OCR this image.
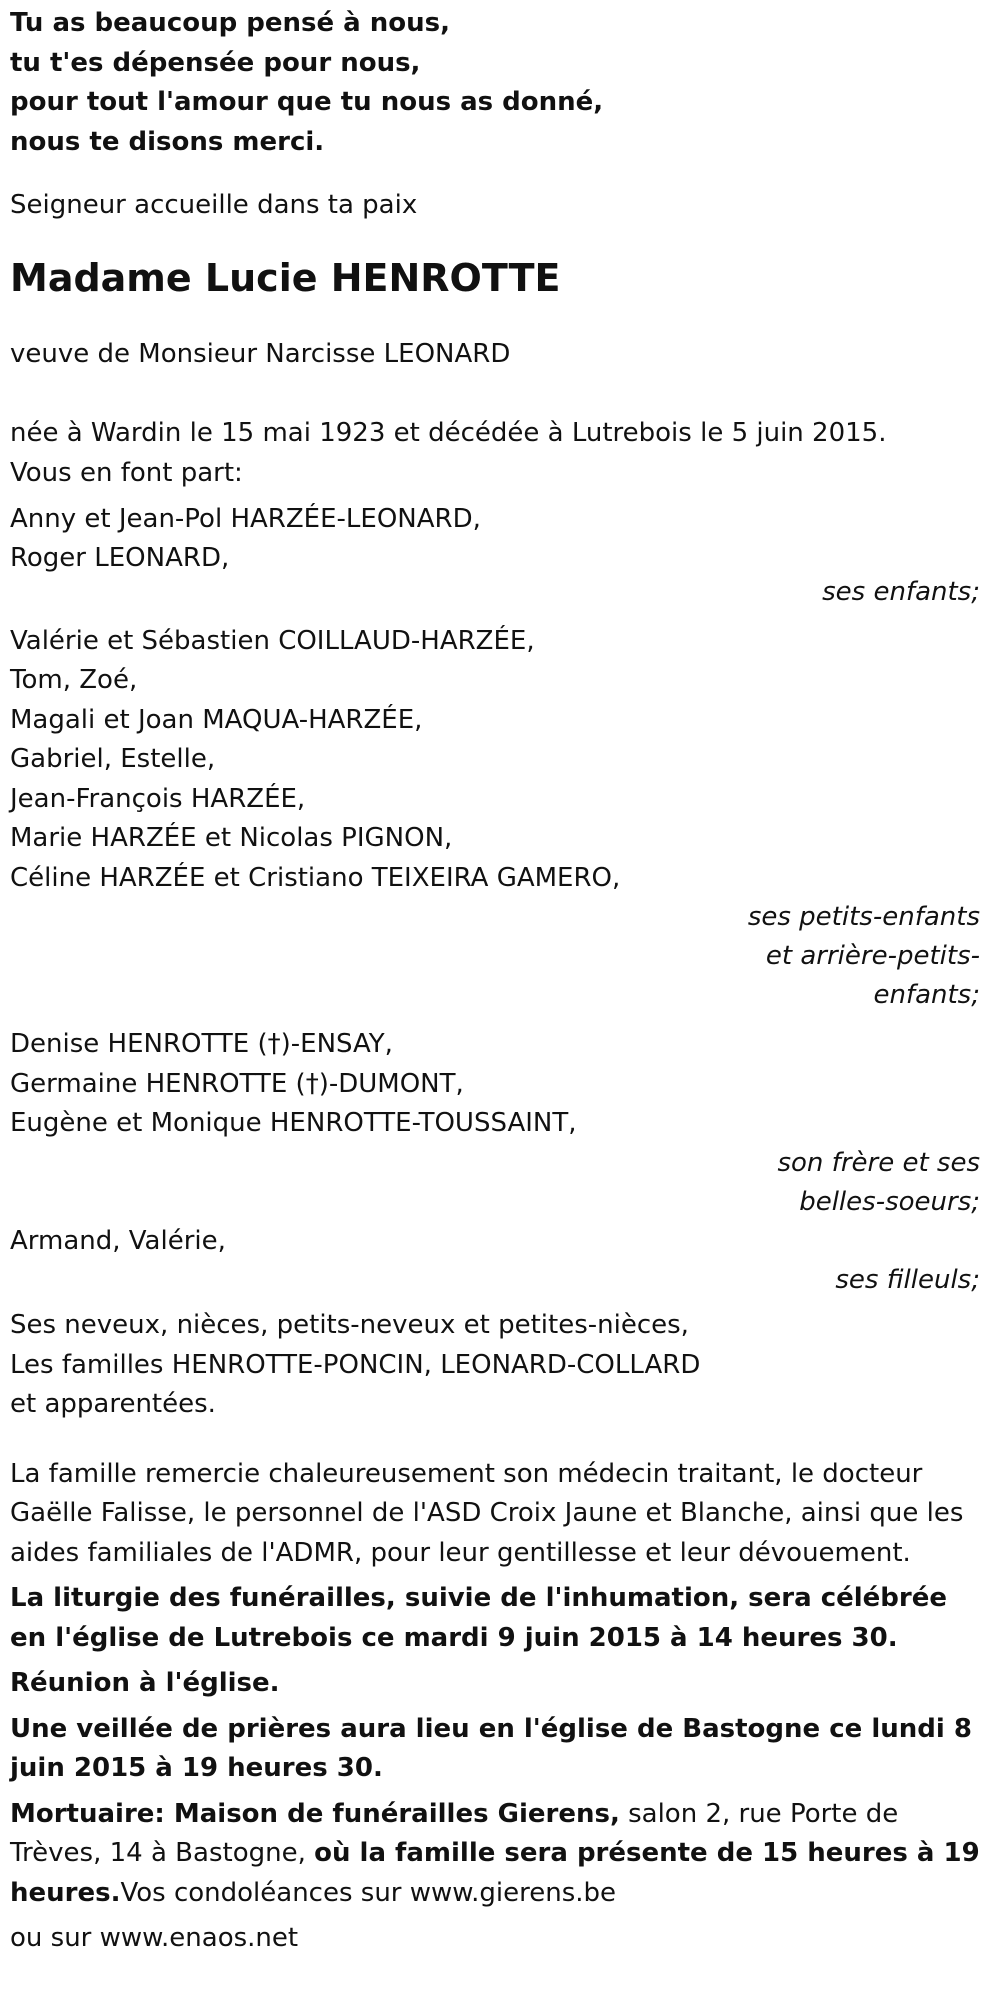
Tu as beaucoup pensé à nous,
tu t'es dépensée pour nous,
pour tout l'amour que tu nous as donné,
nous te disons merci.
Seigneur accueille dans ta paix
Madame Lucie HENROTTE
veuve de Monsieur Narcisse LEONARD
née à Wardin le 15 mai 1923 et décédée à Lutrebois le 5 juin 2015.
Vous en font part:
Anny et Jean-Pol HARZÉE-LEONARD,
Roger LEONARD,
ses enfants;
Valérie et Sébastien COILLAUD-HARZÉE,
Tom, Zoé,
Magali et Joan MAQUA-HARZÉE,
Gabriel, Estelle,
Jean-François HARZÉE,
Marie HARZÉE et Nicolas PIGNON,
Céline HARZÉE et Cristiano TEIXEIRA GAMERO,
ses petits-enfants
et arrière-petits-
enfants;
Denise HENROTTE (†)-ENSAY,
Germaine HENROTTE (†)-DUMONT,
Eugène et Monique HENROTTE-TOUSSAINT,
son frère et ses
belles-soeurs;
Armand, Valérie,
ses filleuls;
Ses neveux, nièces, petits-neveux et petites-nièces,
Les familles HENROTTE-PONCIN, LEONARD-COLLARD
et apparentées.
La famille remercie chaleureusement son médecin traitant, le docteur Gaëlle Falisse, le personnel de l'ASD Croix Jaune et Blanche, ainsi que les aides familiales de l'ADMR, pour leur gentillesse et leur dévouement.
La liturgie des funérailles, suivie de l'inhumation, sera célébrée en l'église de Lutrebois ce mardi 9 juin 2015 à 14 heures 30.
Réunion à l'église.
Une veillée de prières aura lieu en l'église de Bastogne ce lundi 8 juin 2015 à 19 heures 30.
Mortuaire: Maison de funérailles Gierens, salon 2, rue Porte de Trèves, 14 à Bastogne, où la famille sera présente de 15 heures à 19 heures.Vos condoléances sur www.gierens.be
ou sur www.enaos.net
